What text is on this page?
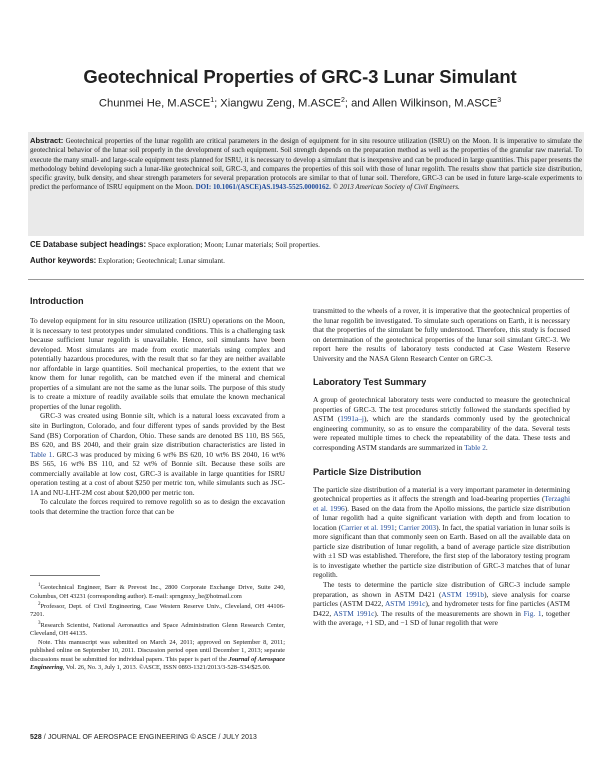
Geotechnical Properties of GRC-3 Lunar Simulant
Chunmei He, M.ASCE$^1$; Xiangwu Zeng, M.ASCE$^2$; and Allen Wilkinson, M.ASCE$^3$
Abstract: Geotechnical properties of the lunar regolith are critical parameters in the design of equipment for in situ resource utilization (ISRU) on the Moon. It is imperative to simulate the geotechnical behavior of the lunar soil properly in the development of such equipment. Soil strength depends on the preparation method as well as the properties of the granular raw material. To execute the many small- and large-scale equipment tests planned for ISRU, it is necessary to develop a simulant that is inexpensive and can be produced in large quantities. This paper presents the methodology behind developing such a lunar-like geotechnical soil, GRC-3, and compares the properties of this soil with those of lunar regolith. The results show that particle size distribution, specific gravity, bulk density, and shear strength parameters for several preparation protocols are similar to that of lunar soil. Therefore, GRC-3 can be used in future large-scale experiments to predict the performance of ISRU equipment on the Moon. DOI: 10.1061/(ASCE)AS.1943-5525.0000162. © 2013 American Society of Civil Engineers.
CE Database subject headings: Space exploration; Moon; Lunar materials; Soil properties.
Author keywords: Exploration; Geotechnical; Lunar simulant.
Introduction

To develop equipment for in situ resource utilization (ISRU) operations on the Moon, it is necessary to test prototypes under simulated conditions. This is a challenging task because sufficient lunar regolith is unavailable. Hence, soil simulants have been developed. Most simulants are made from exotic materials using complex and potentially hazardous procedures, with the result that so far they are neither available nor affordable in large quantities. Soil mechanical properties, to the extent that we know them for lunar regolith, can be matched even if the mineral and chemical properties of a simulant are not the same as the lunar soils. The purpose of this study is to create a mixture of readily available soils that emulate the known mechanical properties of the lunar regolith.

GRC-3 was created using Bonnie silt, which is a natural loess excavated from a site in Burlington, Colorado, and four different types of sands provided by the Best Sand (BS) Corporation of Chardon, Ohio. These sands are denoted BS 110, BS 565, BS 620, and BS 2040, and their grain size distribution characteristics are listed in Table 1. GRC-3 was produced by mixing 6 wt% BS 620, 10 wt% BS 2040, 16 wt% BS 565, 16 wt% BS 110, and 52 wt% of Bonnie silt. Because these soils are commercially available at low cost, GRC-3 is available in large quantities for ISRU operation testing at a cost of about $250 per metric ton, while simulants such as JSC-1A and NU-LHT-2M cost about $20,000 per metric ton.

To calculate the forces required to remove regolith so as to design the excavation tools that determine the traction force that can be

$^1$Geotechnical Engineer, Barr & Prevost Inc., 2800 Corporate Exchange Drive, Suite 240, Columbus, OH 43231 (corresponding author). E-mail: sprngmxy_he@hotmail.com

$^2$Professor, Dept. of Civil Engineering, Case Western Reserve Univ., Cleveland, OH 44106-7201.

$^3$Research Scientist, National Aeronautics and Space Administration Glenn Research Center, Cleveland, OH 44135.

Note. This manuscript was submitted on March 24, 2011; approved on September 8, 2011; published online on September 10, 2011. Discussion period open until December 1, 2013; separate discussions must be submitted for individual papers. This paper is part of the Journal of Aerospace Engineering, Vol. 26, No. 3, July 1, 2013. ©ASCE, ISSN 0893-1321/2013/3-528–534/$25.00.

transmitted to the wheels of a rover, it is imperative that the geotechnical properties of the lunar regolith be investigated. To simulate such operations on Earth, it is necessary that the properties of the simulant be fully understood. Therefore, this study is focused on determination of the geotechnical properties of the lunar soil simulant GRC-3. We report here the results of laboratory tests conducted at Case Western Reserve University and the NASA Glenn Research Center on GRC-3.

Laboratory Test Summary

A group of geotechnical laboratory tests were conducted to measure the geotechnical properties of GRC-3. The test procedures strictly followed the standards specified by ASTM (1991a–j), which are the standards commonly used by the geotechnical engineering community, so as to ensure the comparability of the data. Several tests were repeated multiple times to check the repeatability of the data. These tests and corresponding ASTM standards are summarized in Table 2.

Particle Size Distribution

The particle size distribution of a material is a very important parameter in determining geotechnical properties as it affects the strength and load-bearing properties (Terzaghi et al. 1996). Based on the data from the Apollo missions, the particle size distribution of lunar regolith had a quite significant variation with depth and from location to location (Carrier et al. 1991; Carrier 2003). In fact, the spatial variation in lunar soils is more significant than that commonly seen on Earth. Based on all the available data on particle size distribution of lunar regolith, a band of average particle size distribution with ±1 SD was established. Therefore, the first step of the laboratory testing program is to investigate whether the particle size distribution of GRC-3 matches that of lunar regolith.

The tests to determine the particle size distribution of GRC-3 include sample preparation, as shown in ASTM D421 (ASTM 1991b), sieve analysis for coarse particles (ASTM D422, ASTM 1991c), and hydrometer tests for fine particles (ASTM D422, ASTM 1991c). The results of the measurements are shown in Fig. 1, together with the average, +1 SD, and −1 SD of lunar regolith that were

528 / JOURNAL OF AEROSPACE ENGINEERING © ASCE / JULY 2013
